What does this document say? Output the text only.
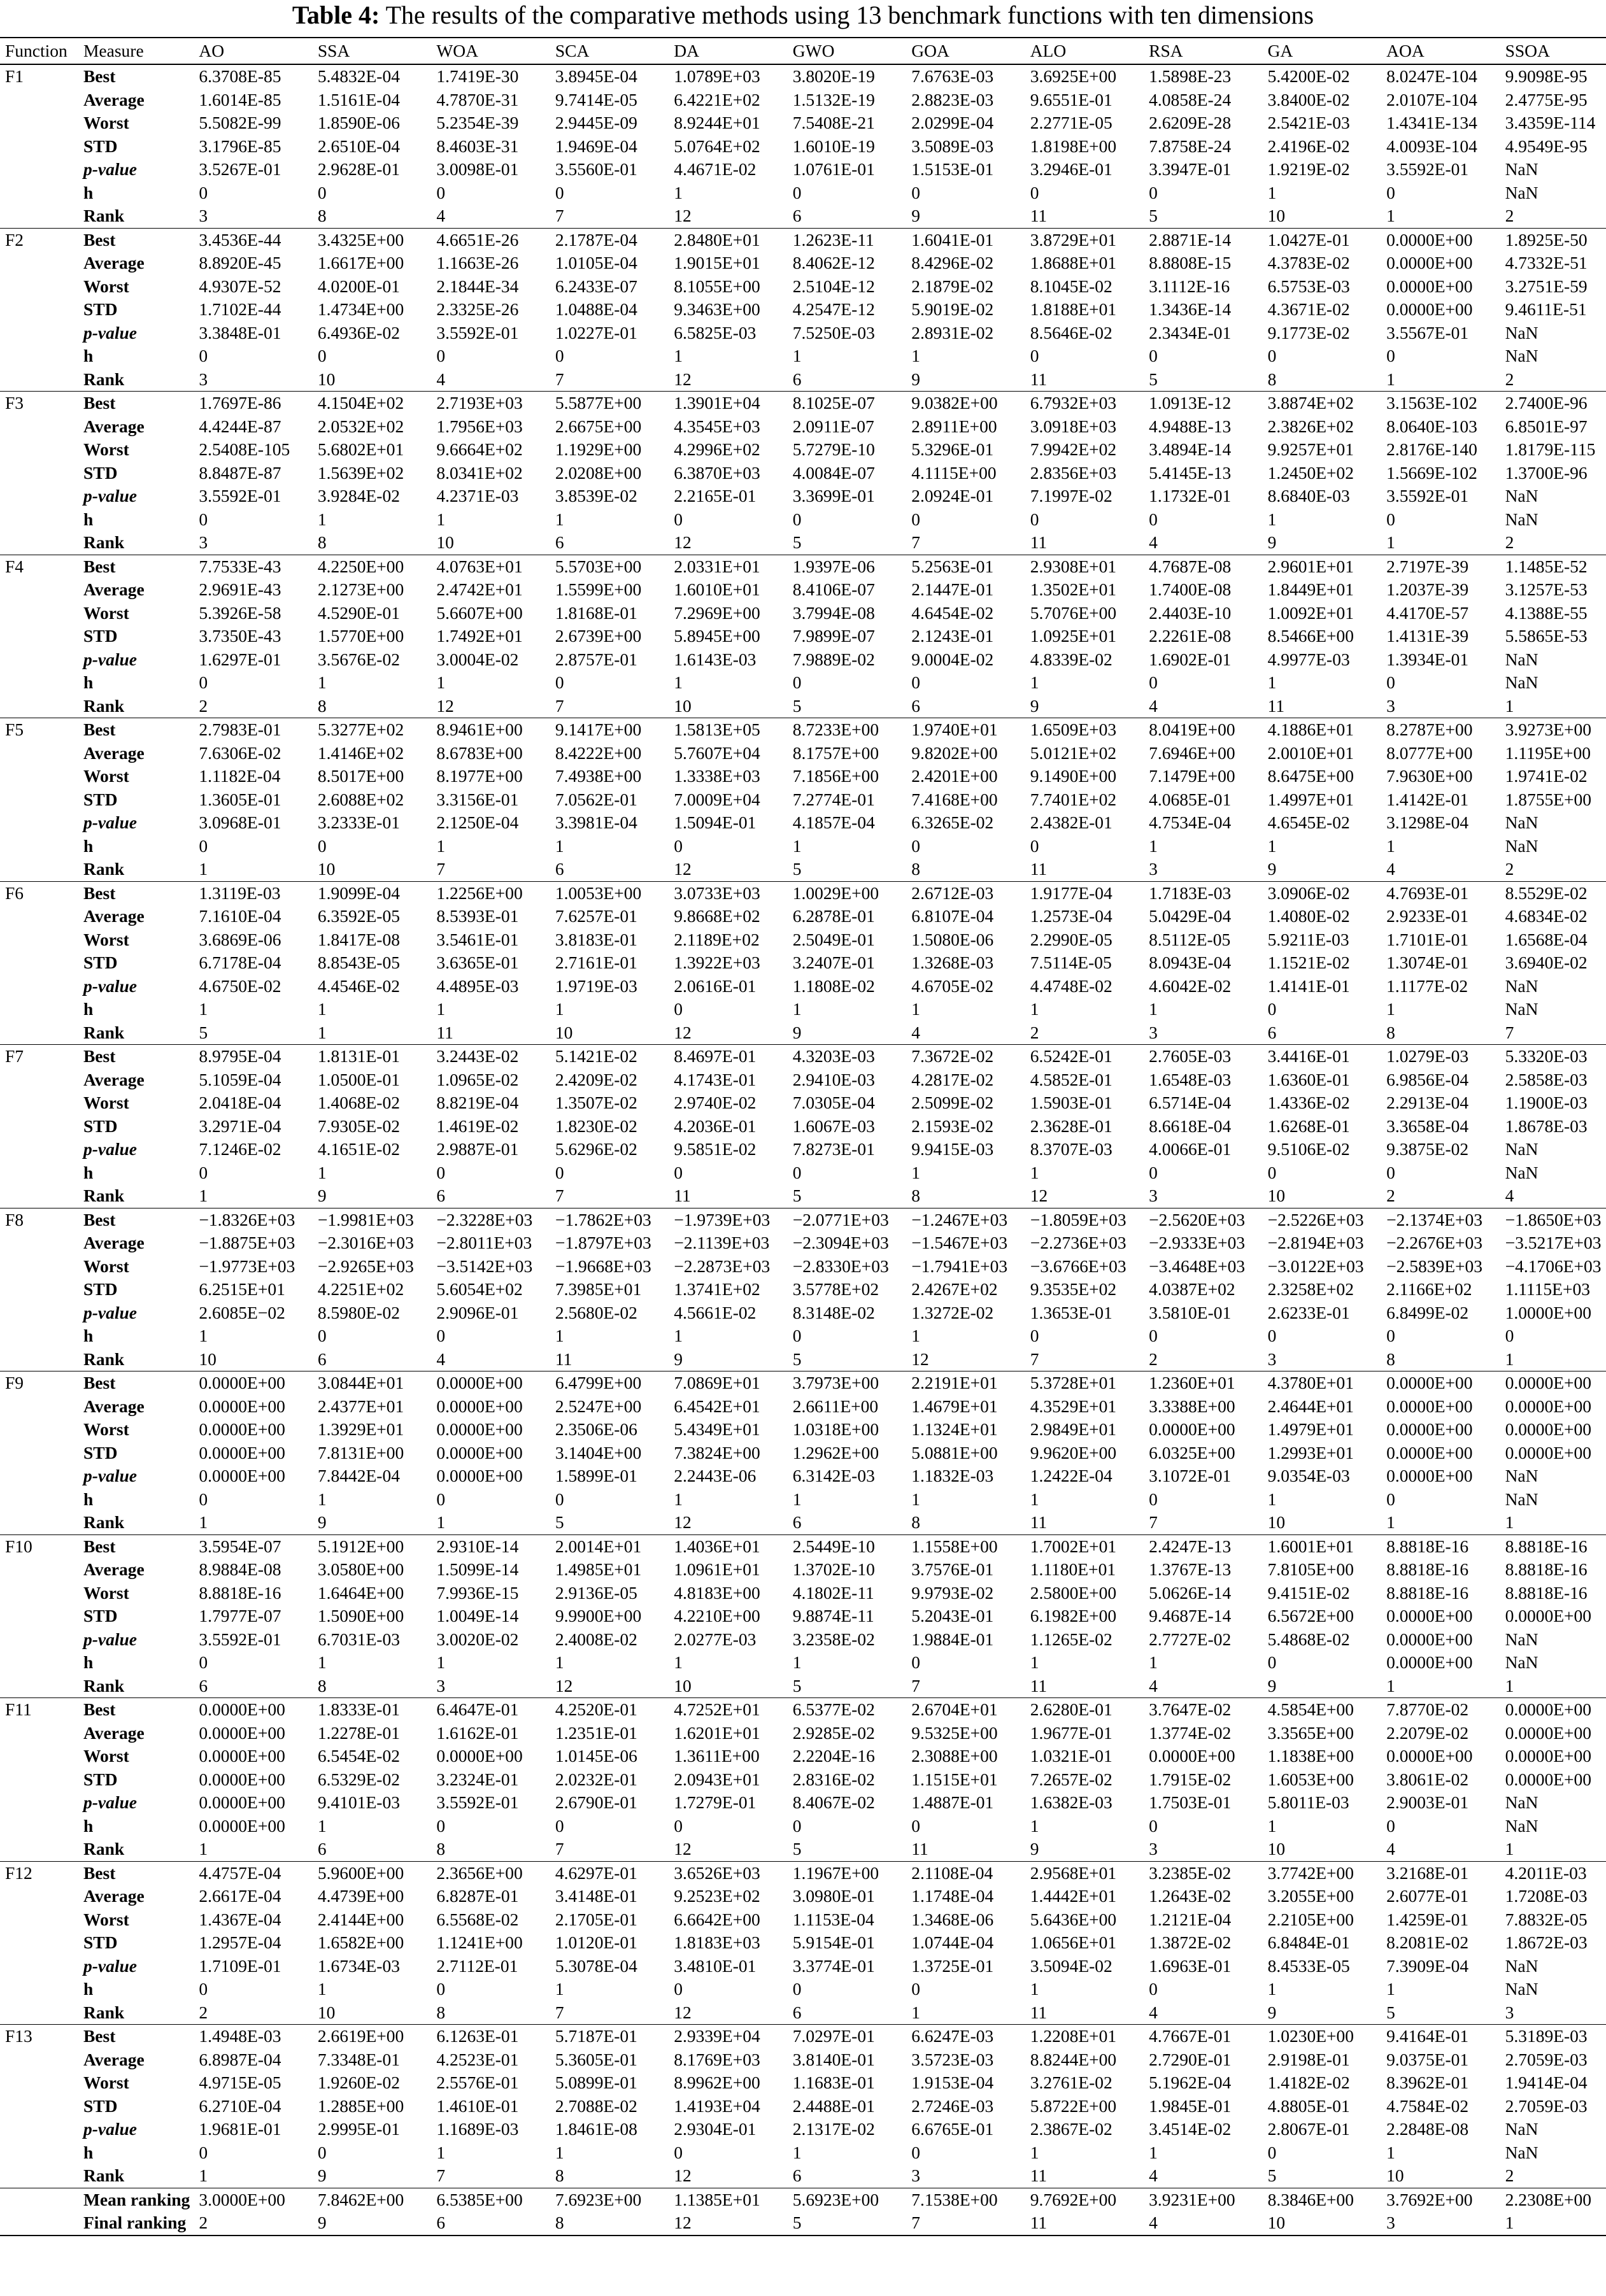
Table 4: The results of the comparative methods using 13 benchmark functions with ten dimensions
Function	Measure	AO	SSA	WOA	SCA	DA	GWO	GOA	ALO	RSA	GA	AOA	SSOA
F1	Best	6.3708E-85	5.4832E-04	1.7419E-30	3.8945E-04	1.0789E+03	3.8020E-19	7.6763E-03	3.6925E+00	1.5898E-23	5.4200E-02	8.0247E-104	9.9098E-95
	Average	1.6014E-85	1.5161E-04	4.7870E-31	9.7414E-05	6.4221E+02	1.5132E-19	2.8823E-03	9.6551E-01	4.0858E-24	3.8400E-02	2.0107E-104	2.4775E-95
	Worst	5.5082E-99	1.8590E-06	5.2354E-39	2.9445E-09	8.9244E+01	7.5408E-21	2.0299E-04	2.2771E-05	2.6209E-28	2.5421E-03	1.4341E-134	3.4359E-114
	STD	3.1796E-85	2.6510E-04	8.4603E-31	1.9469E-04	5.0764E+02	1.6010E-19	3.5089E-03	1.8198E+00	7.8758E-24	2.4196E-02	4.0093E-104	4.9549E-95
	p-value	3.5267E-01	2.9628E-01	3.0098E-01	3.5560E-01	4.4671E-02	1.0761E-01	1.5153E-01	3.2946E-01	3.3947E-01	1.9219E-02	3.5592E-01	NaN
	h	0	0	0	0	1	0	0	0	0	1	0	NaN
	Rank	3	8	4	7	12	6	9	11	5	10	1	2
F2	Best	3.4536E-44	3.4325E+00	4.6651E-26	2.1787E-04	2.8480E+01	1.2623E-11	1.6041E-01	3.8729E+01	2.8871E-14	1.0427E-01	0.0000E+00	1.8925E-50
	Average	8.8920E-45	1.6617E+00	1.1663E-26	1.0105E-04	1.9015E+01	8.4062E-12	8.4296E-02	1.8688E+01	8.8808E-15	4.3783E-02	0.0000E+00	4.7332E-51
	Worst	4.9307E-52	4.0200E-01	2.1844E-34	6.2433E-07	8.1055E+00	2.5104E-12	2.1879E-02	8.1045E-02	3.1112E-16	6.5753E-03	0.0000E+00	3.2751E-59
	STD	1.7102E-44	1.4734E+00	2.3325E-26	1.0488E-04	9.3463E+00	4.2547E-12	5.9019E-02	1.8188E+01	1.3436E-14	4.3671E-02	0.0000E+00	9.4611E-51
	p-value	3.3848E-01	6.4936E-02	3.5592E-01	1.0227E-01	6.5825E-03	7.5250E-03	2.8931E-02	8.5646E-02	2.3434E-01	9.1773E-02	3.5567E-01	NaN
	h	0	0	0	0	1	1	1	0	0	0	0	NaN
	Rank	3	10	4	7	12	6	9	11	5	8	1	2
F3	Best	1.7697E-86	4.1504E+02	2.7193E+03	5.5877E+00	1.3901E+04	8.1025E-07	9.0382E+00	6.7932E+03	1.0913E-12	3.8874E+02	3.1563E-102	2.7400E-96
	Average	4.4244E-87	2.0532E+02	1.7956E+03	2.6675E+00	4.3545E+03	2.0911E-07	2.8911E+00	3.0918E+03	4.9488E-13	2.3826E+02	8.0640E-103	6.8501E-97
	Worst	2.5408E-105	5.6802E+01	9.6664E+02	1.1929E+00	4.2996E+02	5.7279E-10	5.3296E-01	7.9942E+02	3.4894E-14	9.9257E+01	2.8176E-140	1.8179E-115
	STD	8.8487E-87	1.5639E+02	8.0341E+02	2.0208E+00	6.3870E+03	4.0084E-07	4.1115E+00	2.8356E+03	5.4145E-13	1.2450E+02	1.5669E-102	1.3700E-96
	p-value	3.5592E-01	3.9284E-02	4.2371E-03	3.8539E-02	2.2165E-01	3.3699E-01	2.0924E-01	7.1997E-02	1.1732E-01	8.6840E-03	3.5592E-01	NaN
	h	0	1	1	1	0	0	0	0	0	1	0	NaN
	Rank	3	8	10	6	12	5	7	11	4	9	1	2
F4	Best	7.7533E-43	4.2250E+00	4.0763E+01	5.5703E+00	2.0331E+01	1.9397E-06	5.2563E-01	2.9308E+01	4.7687E-08	2.9601E+01	2.7197E-39	1.1485E-52
	Average	2.9691E-43	2.1273E+00	2.4742E+01	1.5599E+00	1.6010E+01	8.4106E-07	2.1447E-01	1.3502E+01	1.7400E-08	1.8449E+01	1.2037E-39	3.1257E-53
	Worst	5.3926E-58	4.5290E-01	5.6607E+00	1.8168E-01	7.2969E+00	3.7994E-08	4.6454E-02	5.7076E+00	2.4403E-10	1.0092E+01	4.4170E-57	4.1388E-55
	STD	3.7350E-43	1.5770E+00	1.7492E+01	2.6739E+00	5.8945E+00	7.9899E-07	2.1243E-01	1.0925E+01	2.2261E-08	8.5466E+00	1.4131E-39	5.5865E-53
	p-value	1.6297E-01	3.5676E-02	3.0004E-02	2.8757E-01	1.6143E-03	7.9889E-02	9.0004E-02	4.8339E-02	1.6902E-01	4.9977E-03	1.3934E-01	NaN
	h	0	1	1	0	1	0	0	1	0	1	0	NaN
	Rank	2	8	12	7	10	5	6	9	4	11	3	1
F5	Best	2.7983E-01	5.3277E+02	8.9461E+00	9.1417E+00	1.5813E+05	8.7233E+00	1.9740E+01	1.6509E+03	8.0419E+00	4.1886E+01	8.2787E+00	3.9273E+00
	Average	7.6306E-02	1.4146E+02	8.6783E+00	8.4222E+00	5.7607E+04	8.1757E+00	9.8202E+00	5.0121E+02	7.6946E+00	2.0010E+01	8.0777E+00	1.1195E+00
	Worst	1.1182E-04	8.5017E+00	8.1977E+00	7.4938E+00	1.3338E+03	7.1856E+00	2.4201E+00	9.1490E+00	7.1479E+00	8.6475E+00	7.9630E+00	1.9741E-02
	STD	1.3605E-01	2.6088E+02	3.3156E-01	7.0562E-01	7.0009E+04	7.2774E-01	7.4168E+00	7.7401E+02	4.0685E-01	1.4997E+01	1.4142E-01	1.8755E+00
	p-value	3.0968E-01	3.2333E-01	2.1250E-04	3.3981E-04	1.5094E-01	4.1857E-04	6.3265E-02	2.4382E-01	4.7534E-04	4.6545E-02	3.1298E-04	NaN
	h	0	0	1	1	0	1	0	0	1	1	1	NaN
	Rank	1	10	7	6	12	5	8	11	3	9	4	2
F6	Best	1.3119E-03	1.9099E-04	1.2256E+00	1.0053E+00	3.0733E+03	1.0029E+00	2.6712E-03	1.9177E-04	1.7183E-03	3.0906E-02	4.7693E-01	8.5529E-02
	Average	7.1610E-04	6.3592E-05	8.5393E-01	7.6257E-01	9.8668E+02	6.2878E-01	6.8107E-04	1.2573E-04	5.0429E-04	1.4080E-02	2.9233E-01	4.6834E-02
	Worst	3.6869E-06	1.8417E-08	3.5461E-01	3.8183E-01	2.1189E+02	2.5049E-01	1.5080E-06	2.2990E-05	8.5112E-05	5.9211E-03	1.7101E-01	1.6568E-04
	STD	6.7178E-04	8.8543E-05	3.6365E-01	2.7161E-01	1.3922E+03	3.2407E-01	1.3268E-03	7.5114E-05	8.0943E-04	1.1521E-02	1.3074E-01	3.6940E-02
	p-value	4.6750E-02	4.4546E-02	4.4895E-03	1.9719E-03	2.0616E-01	1.1808E-02	4.6705E-02	4.4748E-02	4.6042E-02	1.4141E-01	1.1177E-02	NaN
	h	1	1	1	1	0	1	1	1	1	0	1	NaN
	Rank	5	1	11	10	12	9	4	2	3	6	8	7
F7	Best	8.9795E-04	1.8131E-01	3.2443E-02	5.1421E-02	8.4697E-01	4.3203E-03	7.3672E-02	6.5242E-01	2.7605E-03	3.4416E-01	1.0279E-03	5.3320E-03
	Average	5.1059E-04	1.0500E-01	1.0965E-02	2.4209E-02	4.1743E-01	2.9410E-03	4.2817E-02	4.5852E-01	1.6548E-03	1.6360E-01	6.9856E-04	2.5858E-03
	Worst	2.0418E-04	1.4068E-02	8.8219E-04	1.3507E-02	2.9740E-02	7.0305E-04	2.5099E-02	1.5903E-01	6.5714E-04	1.4336E-02	2.2913E-04	1.1900E-03
	STD	3.2971E-04	7.9305E-02	1.4619E-02	1.8230E-02	4.2036E-01	1.6067E-03	2.1593E-02	2.3628E-01	8.6618E-04	1.6268E-01	3.3658E-04	1.8678E-03
	p-value	7.1246E-02	4.1651E-02	2.9887E-01	5.6296E-02	9.5851E-02	7.8273E-01	9.9415E-03	8.3707E-03	4.0066E-01	9.5106E-02	9.3875E-02	NaN
	h	0	1	0	0	0	0	1	1	0	0	0	NaN
	Rank	1	9	6	7	11	5	8	12	3	10	2	4
F8	Best	−1.8326E+03	−1.9981E+03	−2.3228E+03	−1.7862E+03	−1.9739E+03	−2.0771E+03	−1.2467E+03	−1.8059E+03	−2.5620E+03	−2.5226E+03	−2.1374E+03	−1.8650E+03
	Average	−1.8875E+03	−2.3016E+03	−2.8011E+03	−1.8797E+03	−2.1139E+03	−2.3094E+03	−1.5467E+03	−2.2736E+03	−2.9333E+03	−2.8194E+03	−2.2676E+03	−3.5217E+03
	Worst	−1.9773E+03	−2.9265E+03	−3.5142E+03	−1.9668E+03	−2.2873E+03	−2.8330E+03	−1.7941E+03	−3.6766E+03	−3.4648E+03	−3.0122E+03	−2.5839E+03	−4.1706E+03
	STD	6.2515E+01	4.2251E+02	5.6054E+02	7.3985E+01	1.3741E+02	3.5778E+02	2.4267E+02	9.3535E+02	4.0387E+02	2.3258E+02	2.1166E+02	1.1115E+03
	p-value	2.6085E−02	8.5980E-02	2.9096E-01	2.5680E-02	4.5661E-02	8.3148E-02	1.3272E-02	1.3653E-01	3.5810E-01	2.6233E-01	6.8499E-02	1.0000E+00
	h	1	0	0	1	1	0	1	0	0	0	0	0
	Rank	10	6	4	11	9	5	12	7	2	3	8	1
F9	Best	0.0000E+00	3.0844E+01	0.0000E+00	6.4799E+00	7.0869E+01	3.7973E+00	2.2191E+01	5.3728E+01	1.2360E+01	4.3780E+01	0.0000E+00	0.0000E+00
	Average	0.0000E+00	2.4377E+01	0.0000E+00	2.5247E+00	6.4542E+01	2.6611E+00	1.4679E+01	4.3529E+01	3.3388E+00	2.4644E+01	0.0000E+00	0.0000E+00
	Worst	0.0000E+00	1.3929E+01	0.0000E+00	2.3506E-06	5.4349E+01	1.0318E+00	1.1324E+01	2.9849E+01	0.0000E+00	1.4979E+01	0.0000E+00	0.0000E+00
	STD	0.0000E+00	7.8131E+00	0.0000E+00	3.1404E+00	7.3824E+00	1.2962E+00	5.0881E+00	9.9620E+00	6.0325E+00	1.2993E+01	0.0000E+00	0.0000E+00
	p-value	0.0000E+00	7.8442E-04	0.0000E+00	1.5899E-01	2.2443E-06	6.3142E-03	1.1832E-03	1.2422E-04	3.1072E-01	9.0354E-03	0.0000E+00	NaN
	h	0	1	0	0	1	1	1	1	0	1	0	NaN
	Rank	1	9	1	5	12	6	8	11	7	10	1	1
F10	Best	3.5954E-07	5.1912E+00	2.9310E-14	2.0014E+01	1.4036E+01	2.5449E-10	1.1558E+00	1.7002E+01	2.4247E-13	1.6001E+01	8.8818E-16	8.8818E-16
	Average	8.9884E-08	3.0580E+00	1.5099E-14	1.4985E+01	1.0961E+01	1.3702E-10	3.7576E-01	1.1180E+01	1.3767E-13	7.8105E+00	8.8818E-16	8.8818E-16
	Worst	8.8818E-16	1.6464E+00	7.9936E-15	2.9136E-05	4.8183E+00	4.1802E-11	9.9793E-02	2.5800E+00	5.0626E-14	9.4151E-02	8.8818E-16	8.8818E-16
	STD	1.7977E-07	1.5090E+00	1.0049E-14	9.9900E+00	4.2210E+00	9.8874E-11	5.2043E-01	6.1982E+00	9.4687E-14	6.5672E+00	0.0000E+00	0.0000E+00
	p-value	3.5592E-01	6.7031E-03	3.0020E-02	2.4008E-02	2.0277E-03	3.2358E-02	1.9884E-01	1.1265E-02	2.7727E-02	5.4868E-02	0.0000E+00	NaN
	h	0	1	1	1	1	1	0	1	1	0	0.0000E+00	NaN
	Rank	6	8	3	12	10	5	7	11	4	9	1	1
F11	Best	0.0000E+00	1.8333E-01	6.4647E-01	4.2520E-01	4.7252E+01	6.5377E-02	2.6704E+01	2.6280E-01	3.7647E-02	4.5854E+00	7.8770E-02	0.0000E+00
	Average	0.0000E+00	1.2278E-01	1.6162E-01	1.2351E-01	1.6201E+01	2.9285E-02	9.5325E+00	1.9677E-01	1.3774E-02	3.3565E+00	2.2079E-02	0.0000E+00
	Worst	0.0000E+00	6.5454E-02	0.0000E+00	1.0145E-06	1.3611E+00	2.2204E-16	2.3088E+00	1.0321E-01	0.0000E+00	1.1838E+00	0.0000E+00	0.0000E+00
	STD	0.0000E+00	6.5329E-02	3.2324E-01	2.0232E-01	2.0943E+01	2.8316E-02	1.1515E+01	7.2657E-02	1.7915E-02	1.6053E+00	3.8061E-02	0.0000E+00
	p-value	0.0000E+00	9.4101E-03	3.5592E-01	2.6790E-01	1.7279E-01	8.4067E-02	1.4887E-01	1.6382E-03	1.7503E-01	5.8011E-03	2.9003E-01	NaN
	h	0.0000E+00	1	0	0	0	0	0	1	0	1	0	NaN
	Rank	1	6	8	7	12	5	11	9	3	10	4	1
F12	Best	4.4757E-04	5.9600E+00	2.3656E+00	4.6297E-01	3.6526E+03	1.1967E+00	2.1108E-04	2.9568E+01	3.2385E-02	3.7742E+00	3.2168E-01	4.2011E-03
	Average	2.6617E-04	4.4739E+00	6.8287E-01	3.4148E-01	9.2523E+02	3.0980E-01	1.1748E-04	1.4442E+01	1.2643E-02	3.2055E+00	2.6077E-01	1.7208E-03
	Worst	1.4367E-04	2.4144E+00	6.5568E-02	2.1705E-01	6.6642E+00	1.1153E-04	1.3468E-06	5.6436E+00	1.2121E-04	2.2105E+00	1.4259E-01	7.8832E-05
	STD	1.2957E-04	1.6582E+00	1.1241E+00	1.0120E-01	1.8183E+03	5.9154E-01	1.0744E-04	1.0656E+01	1.3872E-02	6.8484E-01	8.2081E-02	1.8672E-03
	p-value	1.7109E-01	1.6734E-03	2.7112E-01	5.3078E-04	3.4810E-01	3.3774E-01	1.3725E-01	3.5094E-02	1.6963E-01	8.4533E-05	7.3909E-04	NaN
	h	0	1	0	1	0	0	0	1	0	1	1	NaN
	Rank	2	10	8	7	12	6	1	11	4	9	5	3
F13	Best	1.4948E-03	2.6619E+00	6.1263E-01	5.7187E-01	2.9339E+04	7.0297E-01	6.6247E-03	1.2208E+01	4.7667E-01	1.0230E+00	9.4164E-01	5.3189E-03
	Average	6.8987E-04	7.3348E-01	4.2523E-01	5.3605E-01	8.1769E+03	3.8140E-01	3.5723E-03	8.8244E+00	2.7290E-01	2.9198E-01	9.0375E-01	2.7059E-03
	Worst	4.9715E-05	1.9260E-02	2.5576E-01	5.0899E-01	8.9962E+00	1.1683E-01	1.9153E-04	3.2761E-02	5.1962E-04	1.4182E-02	8.3962E-01	1.9414E-04
	STD	6.2710E-04	1.2885E+00	1.4610E-01	2.7088E-02	1.4193E+04	2.4488E-01	2.7246E-03	5.8722E+00	1.9845E-01	4.8805E-01	4.7584E-02	2.7059E-03
	p-value	1.9681E-01	2.9995E-01	1.1689E-03	1.8461E-08	2.9304E-01	2.1317E-02	6.6765E-01	2.3867E-02	3.4514E-02	2.8067E-01	2.2848E-08	NaN
	h	0	0	1	1	0	1	0	1	1	0	1	NaN
	Rank	1	9	7	8	12	6	3	11	4	5	10	2
	Mean ranking	3.0000E+00	7.8462E+00	6.5385E+00	7.6923E+00	1.1385E+01	5.6923E+00	7.1538E+00	9.7692E+00	3.9231E+00	8.3846E+00	3.7692E+00	2.2308E+00
	Final ranking	2	9	6	8	12	5	7	11	4	10	3	1
